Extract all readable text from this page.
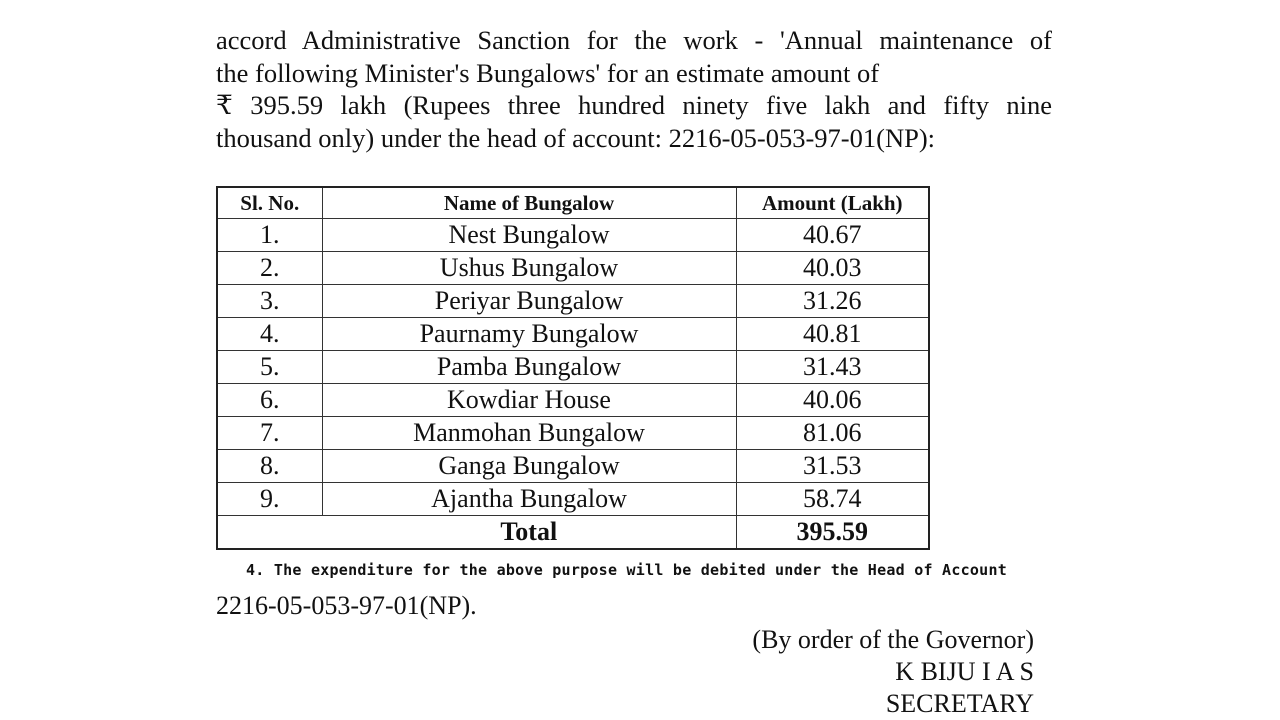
accord Administrative Sanction for the work - 'Annual maintenance of
the following Minister's Bungalows' for an estimate amount of
₹ 395.59 lakh (Rupees three hundred ninety five lakh and fifty nine
thousand only) under the head of account: 2216-05-053-97-01(NP):
Sl. No.	Name of Bungalow	Amount (Lakh)
1.	Nest Bungalow	40.67
2.	Ushus Bungalow	40.03
3.	Periyar Bungalow	31.26
4.	Paurnamy Bungalow	40.81
5.	Pamba Bungalow	31.43
6.	Kowdiar House	40.06
7.	Manmohan Bungalow	81.06
8.	Ganga Bungalow	31.53
9.	Ajantha Bungalow	58.74
	Total	395.59

4. The expenditure for the above purpose will be debited under the Head of Account

2216-05-053-97-01(NP).

(By order of the Governor)
K BIJU I A S
SECRETARY
